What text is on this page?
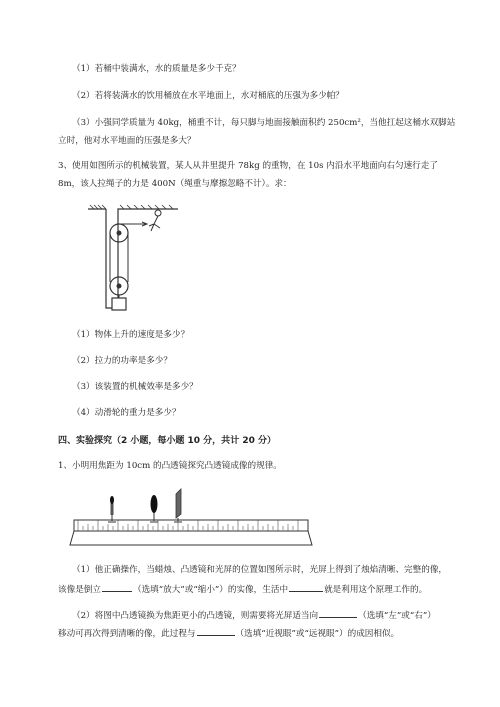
（1）若桶中装满水，水的质量是多少千克？
（2）若将装满水的饮用桶放在水平地面上，水对桶底的压强为多少帕？
（3）小强同学质量为 40kg，桶重不计，每只脚与地面接触面积约 250cm²，当他扛起这桶水双脚站
立时，他对水平地面的压强是多大？
3、使用如图所示的机械装置，某人从井里提升 78kg 的重物，在 10s 内沿水平地面向右匀速行走了
8m，该人拉绳子的力是 400N（绳重与摩擦忽略不计）。求：
（1）物体上升的速度是多少？
（2）拉力的功率是多少？
（3）该装置的机械效率是多少？
（4）动滑轮的重力是多少？
四、实验探究（2 小题，每小题 10 分，共计 20 分）
1、小明用焦距为 10cm 的凸透镜探究凸透镜成像的规律。
（1）他正确操作，当蜡烛、凸透镜和光屏的位置如图所示时，光屏上得到了烛焰清晰、完整的像，
该像是倒立	（选填“放大”或“缩小”）的实像，生活中	就是利用这个原理工作的。
（2）将图中凸透镜换为焦距更小的凸透镜，则需要将光屏适当向	（选填“左”或“右”）
移动可再次得到清晰的像，此过程与	（选填“近视眼”或“远视眼”）的成因相似。
